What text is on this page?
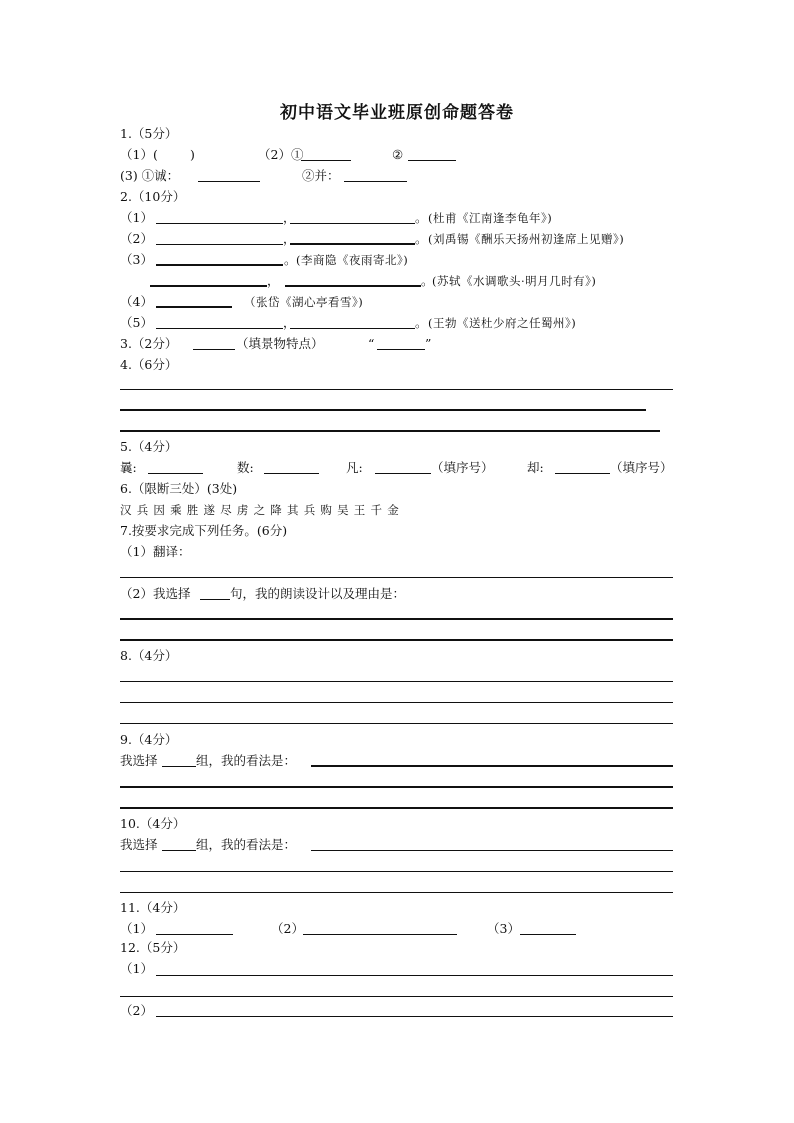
初中语文毕业班原创命题答卷
1.（5分）
（1）(	)	（2）①	②
(3) ①诚：	②并：
2.（10分）
（1）	，	。 (杜甫《江南逢李龟年》)
（2）	，	。 (刘禹锡《酬乐天扬州初逢席上见赠》)
（3）	。 (李商隐《夜雨寄北》)
，	。
(苏轼《水调歌头·明月几时有》)
（4）	（张岱《湖心亭看雪》)
（5）	，	。 (王勃《送杜少府之任蜀州》)
3.（2分）	（填景物特点）	“	”
4.（6分）
5.（4分）
曩:	数:	凡:	（填序号）	却:	（填序号）
6.（限断三处）(3处)
汉兵因乘胜遂尽虏之降其兵购吴王千金
7.按要求完成下列任务。(6分)
（1）翻译：
（2）我选择	句，我的朗读设计以及理由是：
8.（4分）
9.（4分）
我选择	组，我的看法是：
10.（4分）
我选择	组，我的看法是：
11.（4分）
（1）	（2）	（3）
12.（5分）
（1）
（2）
